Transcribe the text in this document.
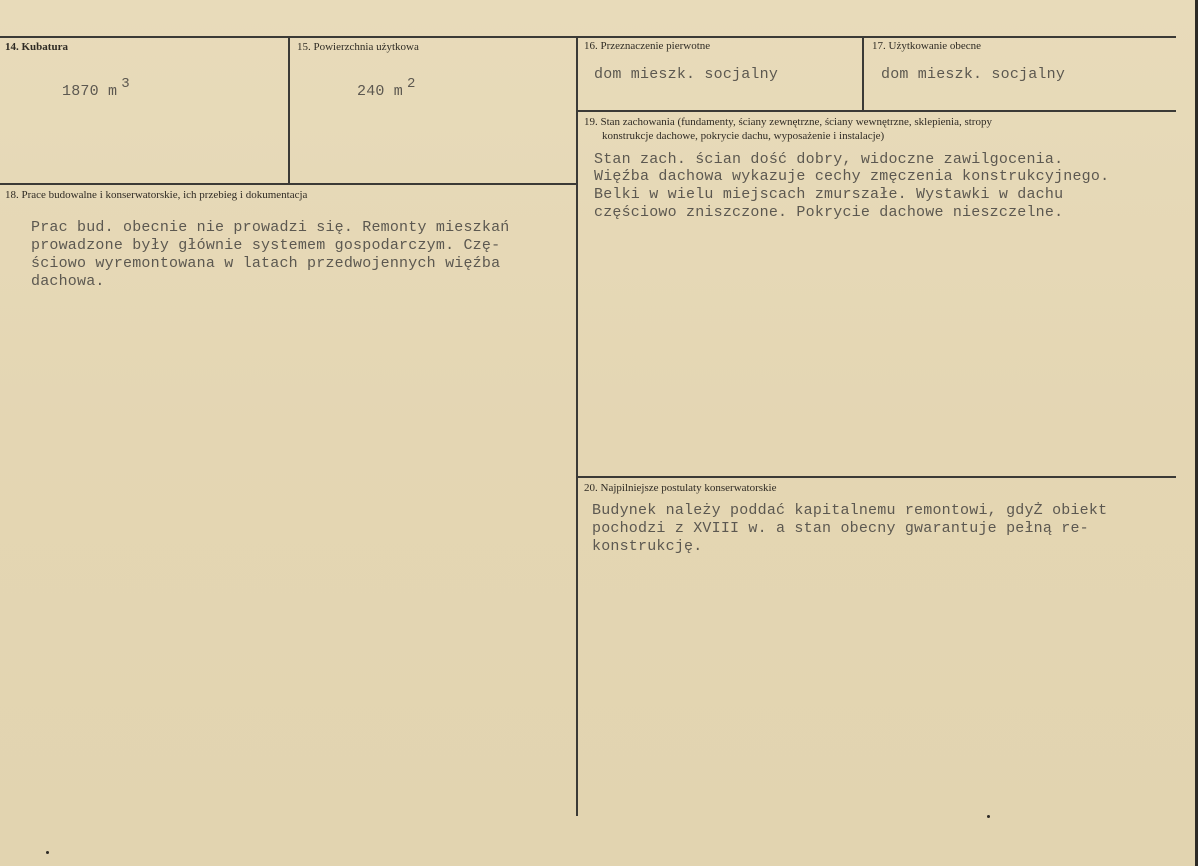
14. Kubatura
1870 m 3
15. Powierzchnia użytkowa
240 m 2
16. Przeznaczenie pierwotne
dom mieszk. socjalny
17. Użytkowanie obecne
dom mieszk. socjalny
18. Prace budowalne i konserwatorskie, ich przebieg i dokumentacja
Prac bud. obecnie nie prowadzi się. Remonty mieszkań
prowadzone były głównie systemem gospodarczym. Czę-
ściowo wyremontowana w latach przedwojennych więźba
dachowa.
19. Stan zachowania (fundamenty, ściany zewnętrzne, ściany wewnętrzne, sklepienia, stropy
konstrukcje dachowe, pokrycie dachu, wyposażenie i instalacje)
Stan zach. ścian dość dobry, widoczne zawilgocenia.
Więźba dachowa wykazuje cechy zmęczenia konstrukcyjnego.
Belki w wielu miejscach zmurszałe. Wystawki w dachu
częściowo zniszczone. Pokrycie dachowe nieszczelne.
20. Najpilniejsze postulaty konserwatorskie
Budynek należy poddać kapitalnemu remontowi, gdyŻ obiekt
pochodzi z XVIII w. a stan obecny gwarantuje pełną re-
konstrukcję.
